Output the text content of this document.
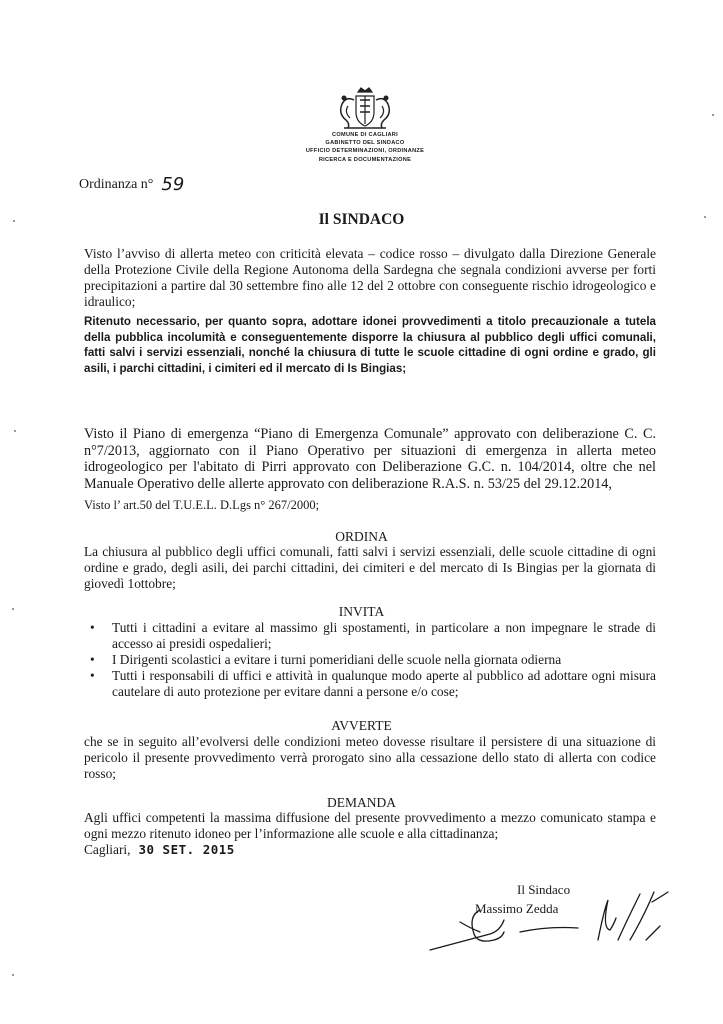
COMUNE DI CAGLIARI
GABINETTO DEL SINDACO
UFFICIO DETERMINAZIONI, ORDINANZE
RICERCA E DOCUMENTAZIONE
Ordinanza n° 59
Il SINDACO
Visto l’avviso di allerta meteo con criticità elevata – codice rosso – divulgato dalla Direzione Generale della Protezione Civile della Regione Autonoma della Sardegna che segnala condizioni avverse per forti precipitazioni a partire dal 30 settembre fino alle 12 del 2 ottobre con conseguente rischio idrogeologico e idraulico;
Ritenuto necessario, per quanto sopra, adottare idonei provvedimenti a titolo precauzionale a tutela della pubblica incolumità e conseguentemente disporre la chiusura al pubblico degli uffici comunali, fatti salvi i servizi essenziali, nonché la chiusura di tutte le scuole cittadine di ogni ordine e grado, gli asili, i parchi cittadini, i cimiteri ed il mercato di Is Bingias;
Visto il Piano di emergenza “Piano di Emergenza Comunale” approvato con deliberazione C. C. n°7/2013, aggiornato con il Piano Operativo per situazioni di emergenza in allerta meteo idrogeologico per l'abitato di Pirri approvato con Deliberazione G.C. n. 104/2014, oltre che nel Manuale Operativo delle allerte approvato con deliberazione R.A.S. n. 53/25 del 29.12.2014,
Visto l’ art.50 del T.U.E.L. D.Lgs n° 267/2000;
ORDINA
La chiusura al pubblico degli uffici comunali, fatti salvi i servizi essenziali, delle scuole cittadine di ogni ordine e grado, degli asili, dei parchi cittadini, dei cimiteri e del mercato di Is Bingias per la giornata di giovedì 1ottobre;
INVITA
• Tutti i cittadini a evitare al massimo gli spostamenti, in particolare a non impegnare le strade di accesso ai presidi ospedalieri;
• I Dirigenti scolastici a evitare i turni pomeridiani delle scuole nella giornata odierna
• Tutti i responsabili di uffici e attività in qualunque modo aperte al pubblico ad adottare ogni misura cautelare di auto protezione per evitare danni a persone e/o cose;
AVVERTE
che se in seguito all’evolversi delle condizioni meteo dovesse risultare il persistere di una situazione di pericolo il presente provvedimento verrà prorogato sino alla cessazione dello stato di allerta con codice rosso;
DEMANDA
Agli uffici competenti la massima diffusione del presente provvedimento a mezzo comunicato stampa e ogni mezzo ritenuto idoneo per l’informazione alle scuole e alla cittadinanza;
Cagliari, 30 SET. 2015
Il Sindaco
Massimo Zedda
